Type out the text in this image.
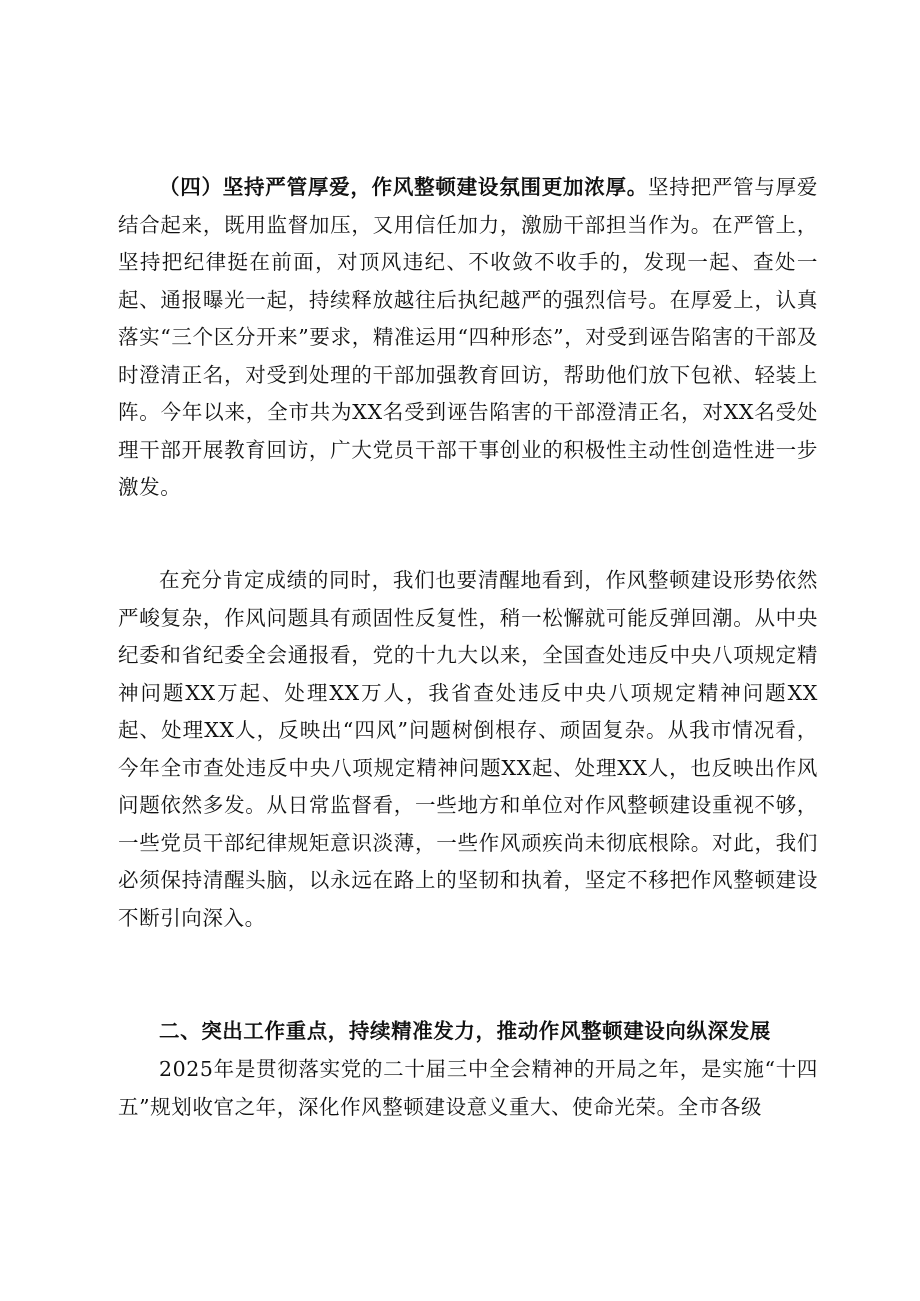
（四）坚持严管厚爱，作风整顿建设氛围更加浓厚。坚持把严管与厚爱结合起来，既用监督加压，又用信任加力，激励干部担当作为。在严管上，坚持把纪律挺在前面，对顶风违纪、不收敛不收手的，发现一起、查处一起、通报曝光一起，持续释放越往后执纪越严的强烈信号。在厚爱上，认真落实“三个区分开来”要求，精准运用“四种形态”，对受到诬告陷害的干部及时澄清正名，对受到处理的干部加强教育回访，帮助他们放下包袱、轻装上阵。今年以来，全市共为XX名受到诬告陷害的干部澄清正名，对XX名受处理干部开展教育回访，广大党员干部干事创业的积极性主动性创造性进一步激发。

在充分肯定成绩的同时，我们也要清醒地看到，作风整顿建设形势依然严峻复杂，作风问题具有顽固性反复性，稍一松懈就可能反弹回潮。从中央纪委和省纪委全会通报看，党的十九大以来，全国查处违反中央八项规定精神问题XX万起、处理XX万人，我省查处违反中央八项规定精神问题XX起、处理XX人，反映出“四风”问题树倒根存、顽固复杂。从我市情况看，今年全市查处违反中央八项规定精神问题XX起、处理XX人，也反映出作风问题依然多发。从日常监督看，一些地方和单位对作风整顿建设重视不够，一些党员干部纪律规矩意识淡薄，一些作风顽疾尚未彻底根除。对此，我们必须保持清醒头脑，以永远在路上的坚韧和执着，坚定不移把作风整顿建设不断引向深入。

二、突出工作重点，持续精准发力，推动作风整顿建设向纵深发展

2025年是贯彻落实党的二十届三中全会精神的开局之年，是实施“十四五”规划收官之年，深化作风整顿建设意义重大、使命光荣。全市各级
